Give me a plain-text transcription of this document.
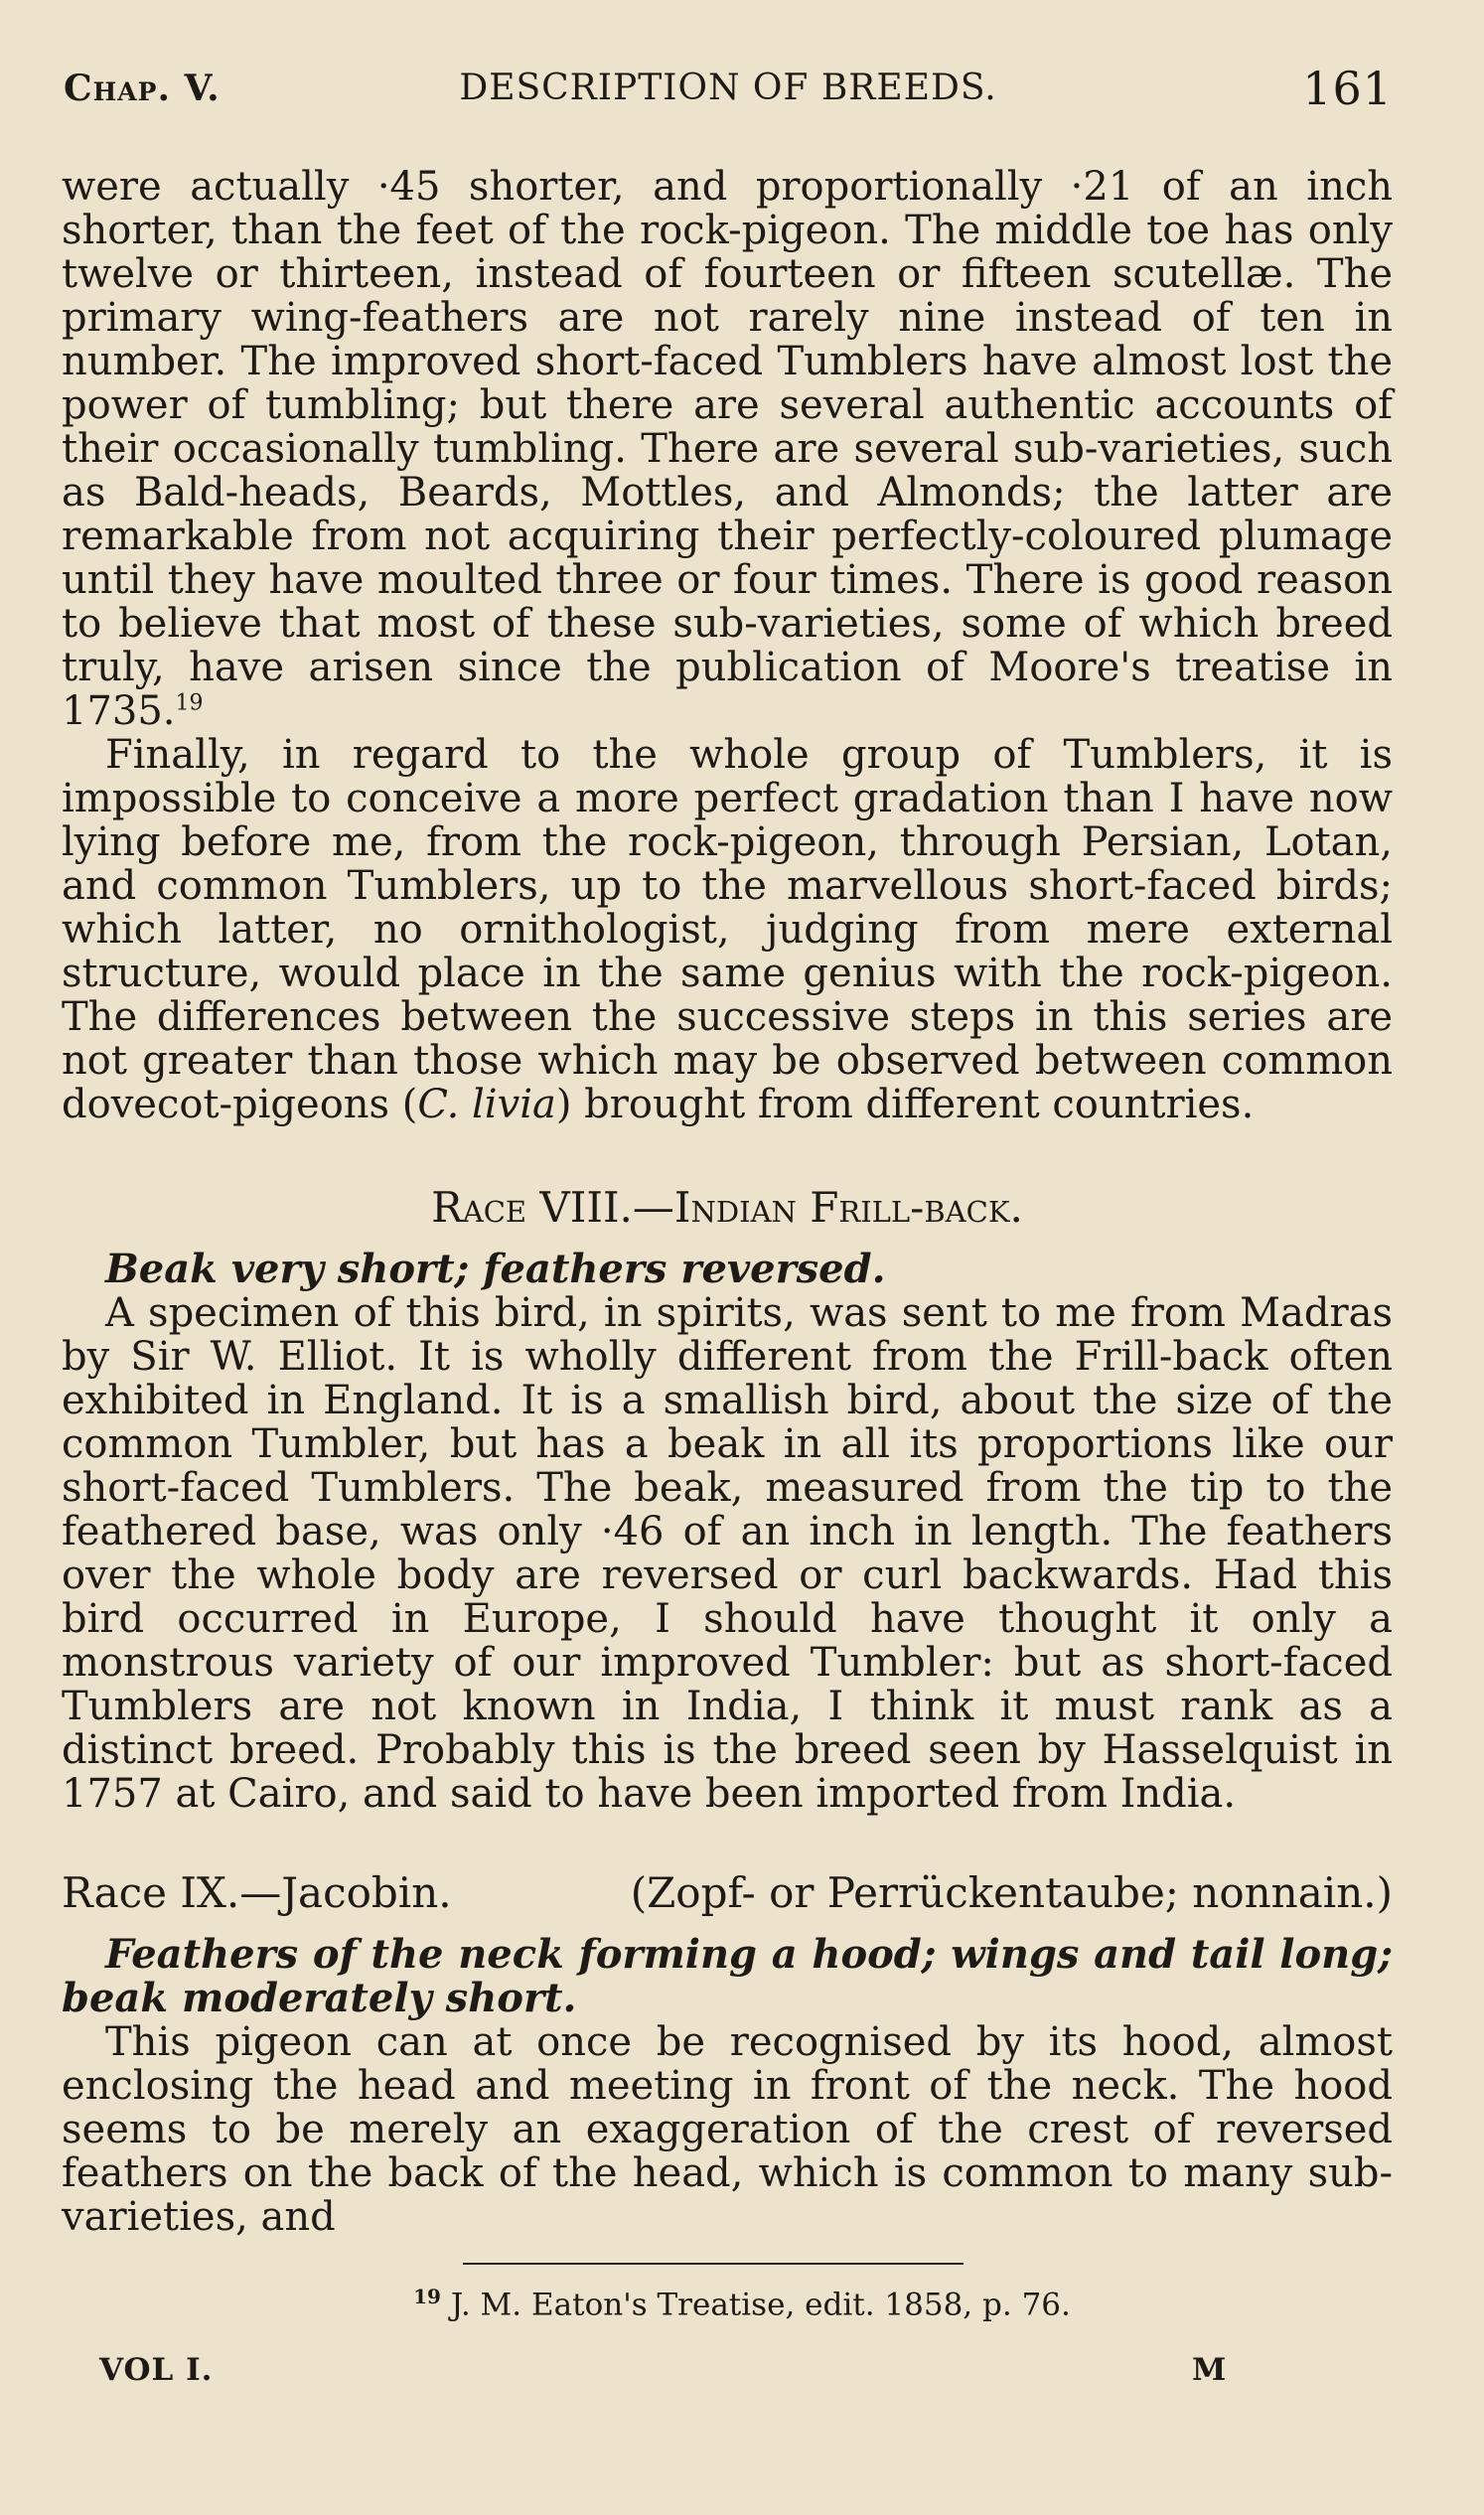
Chap. V.	DESCRIPTION OF BREEDS.	161

were actually ·45 shorter, and proportionally ·21 of an inch shorter, than the feet of the rock-pigeon. The middle toe has only twelve or thirteen, instead of fourteen or fifteen scutellæ. The primary wing-feathers are not rarely nine instead of ten in number. The improved short-faced Tumblers have almost lost the power of tumbling; but there are several authentic accounts of their occasionally tumbling. There are several sub-varieties, such as Bald-heads, Beards, Mottles, and Almonds; the latter are remarkable from not acquiring their perfectly-coloured plumage until they have moulted three or four times. There is good reason to believe that most of these sub-varieties, some of which breed truly, have arisen since the publication of Moore's treatise in 1735.19

Finally, in regard to the whole group of Tumblers, it is impossible to conceive a more perfect gradation than I have now lying before me, from the rock-pigeon, through Persian, Lotan, and common Tumblers, up to the marvellous short-faced birds; which latter, no ornithologist, judging from mere external structure, would place in the same genius with the rock-pigeon. The differences between the successive steps in this series are not greater than those which may be observed between common dovecot-pigeons (C. livia) brought from different countries.

Race VIII.—Indian Frill-back.

Beak very short; feathers reversed.

A specimen of this bird, in spirits, was sent to me from Madras by Sir W. Elliot. It is wholly different from the Frill-back often exhibited in England. It is a smallish bird, about the size of the common Tumbler, but has a beak in all its proportions like our short-faced Tumblers. The beak, measured from the tip to the feathered base, was only ·46 of an inch in length. The feathers over the whole body are reversed or curl backwards. Had this bird occurred in Europe, I should have thought it only a monstrous variety of our improved Tumbler: but as short-faced Tumblers are not known in India, I think it must rank as a distinct breed. Probably this is the breed seen by Hasselquist in 1757 at Cairo, and said to have been imported from India.

Race IX.—Jacobin.	(Zopf- or Perrückentaube; nonnain.)

Feathers of the neck forming a hood; wings and tail long; beak moderately short.

This pigeon can at once be recognised by its hood, almost enclosing the head and meeting in front of the neck. The hood seems to be merely an exaggeration of the crest of reversed feathers on the back of the head, which is common to many sub-varieties, and

$^{19}$ J. M. Eaton's Treatise, edit. 1858, p. 76.
VOL I.	M
